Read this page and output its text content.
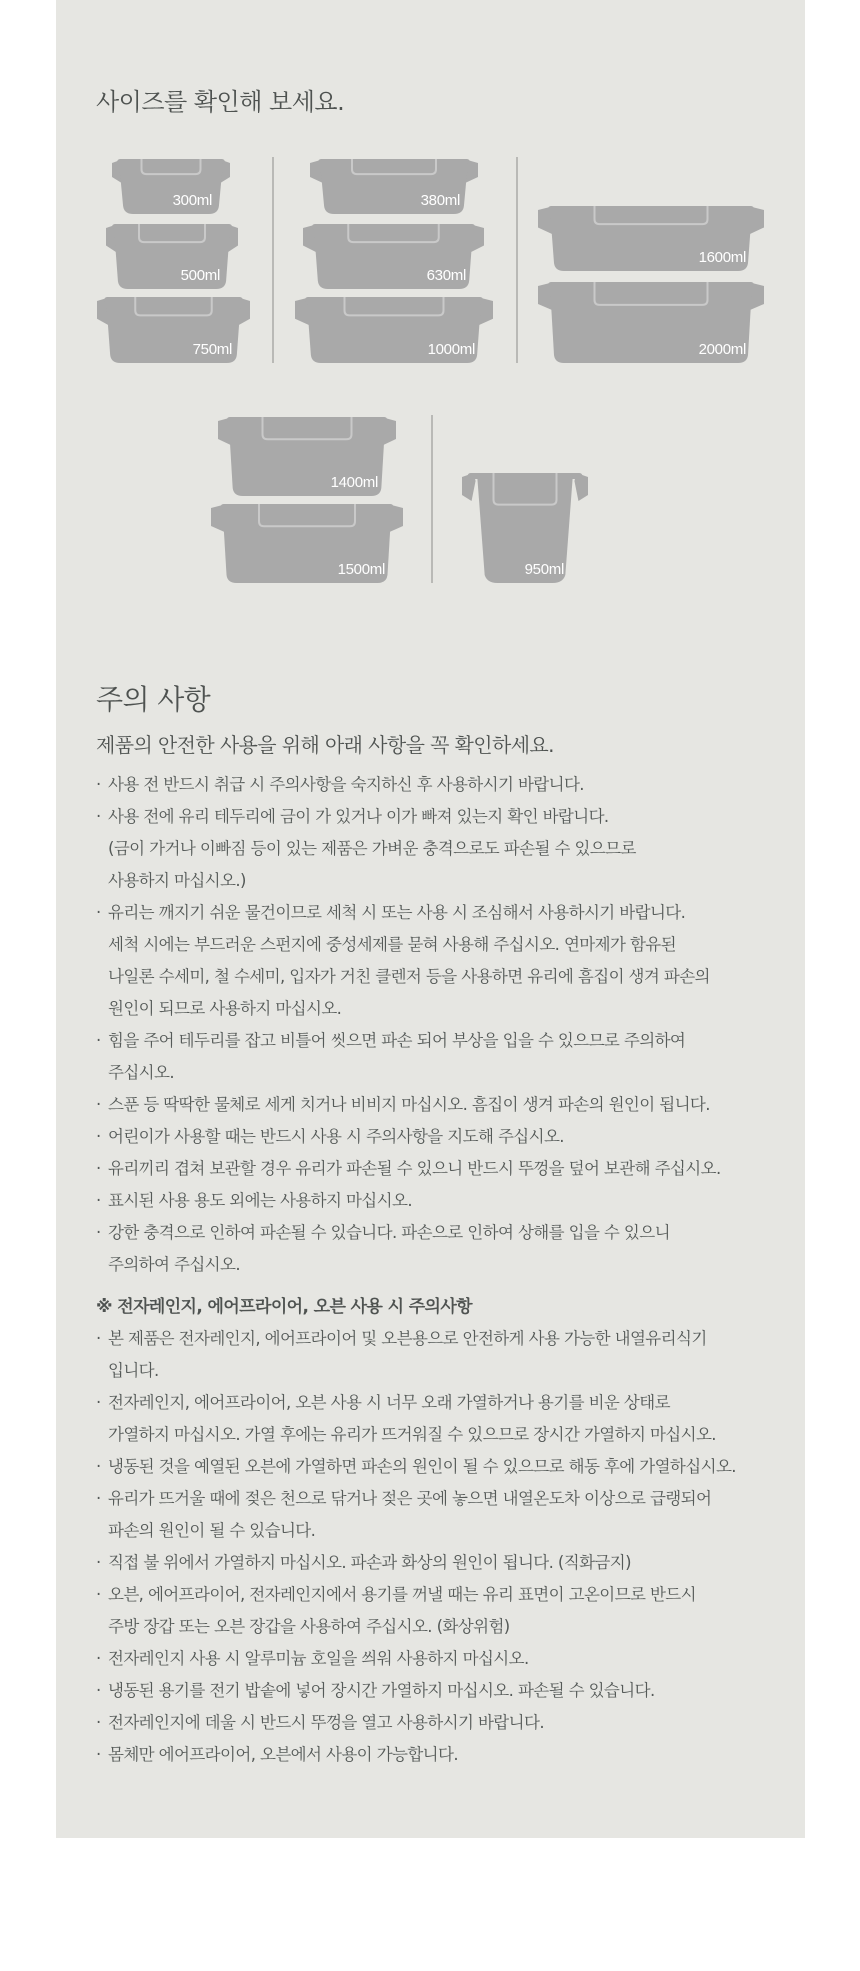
사이즈를 확인해 보세요.
300ml
500ml
750ml
380ml
630ml
1000ml
1600ml
2000ml
1400ml
1500ml	950ml
주의 사항
제품의 안전한 사용을 위해 아래 사항을 꼭 확인하세요.
· 사용 전 반드시 취급 시 주의사항을 숙지하신 후 사용하시기 바랍니다.
· 사용 전에 유리 테두리에 금이 가 있거나 이가 빠져 있는지 확인 바랍니다.
(금이 가거나 이빠짐 등이 있는 제품은 가벼운 충격으로도 파손될 수 있으므로
사용하지 마십시오.)
· 유리는 깨지기 쉬운 물건이므로 세척 시 또는 사용 시 조심해서 사용하시기 바랍니다.
세척 시에는 부드러운 스펀지에 중성세제를 묻혀 사용해 주십시오. 연마제가 함유된
나일론 수세미, 철 수세미, 입자가 거친 클렌저 등을 사용하면 유리에 흠집이 생겨 파손의
원인이 되므로 사용하지 마십시오.
· 힘을 주어 테두리를 잡고 비틀어 씻으면 파손 되어 부상을 입을 수 있으므로 주의하여
주십시오.
· 스푼 등 딱딱한 물체로 세게 치거나 비비지 마십시오. 흠집이 생겨 파손의 원인이 됩니다.
· 어린이가 사용할 때는 반드시 사용 시 주의사항을 지도해 주십시오.
· 유리끼리 겹쳐 보관할 경우 유리가 파손될 수 있으니 반드시 뚜껑을 덮어 보관해 주십시오.
· 표시된 사용 용도 외에는 사용하지 마십시오.
· 강한 충격으로 인하여 파손될 수 있습니다. 파손으로 인하여 상해를 입을 수 있으니
주의하여 주십시오.
※ 전자레인지, 에어프라이어, 오븐 사용 시 주의사항
· 본 제품은 전자레인지, 에어프라이어 및 오븐용으로 안전하게 사용 가능한 내열유리식기
입니다.
· 전자레인지, 에어프라이어, 오븐 사용 시 너무 오래 가열하거나 용기를 비운 상태로
가열하지 마십시오. 가열 후에는 유리가 뜨거워질 수 있으므로 장시간 가열하지 마십시오.
· 냉동된 것을 예열된 오븐에 가열하면 파손의 원인이 될 수 있으므로 해동 후에 가열하십시오.
· 유리가 뜨거울 때에 젖은 천으로 닦거나 젖은 곳에 놓으면 내열온도차 이상으로 급랭되어
파손의 원인이 될 수 있습니다.
· 직접 불 위에서 가열하지 마십시오. 파손과 화상의 원인이 됩니다. (직화금지)
· 오븐, 에어프라이어, 전자레인지에서 용기를 꺼낼 때는 유리 표면이 고온이므로 반드시
주방 장갑 또는 오븐 장갑을 사용하여 주십시오. (화상위험)
· 전자레인지 사용 시 알루미늄 호일을 씌워 사용하지 마십시오.
· 냉동된 용기를 전기 밥솥에 넣어 장시간 가열하지 마십시오. 파손될 수 있습니다.
· 전자레인지에 데울 시 반드시 뚜껑을 열고 사용하시기 바랍니다.
· 몸체만 에어프라이어, 오븐에서 사용이 가능합니다.
